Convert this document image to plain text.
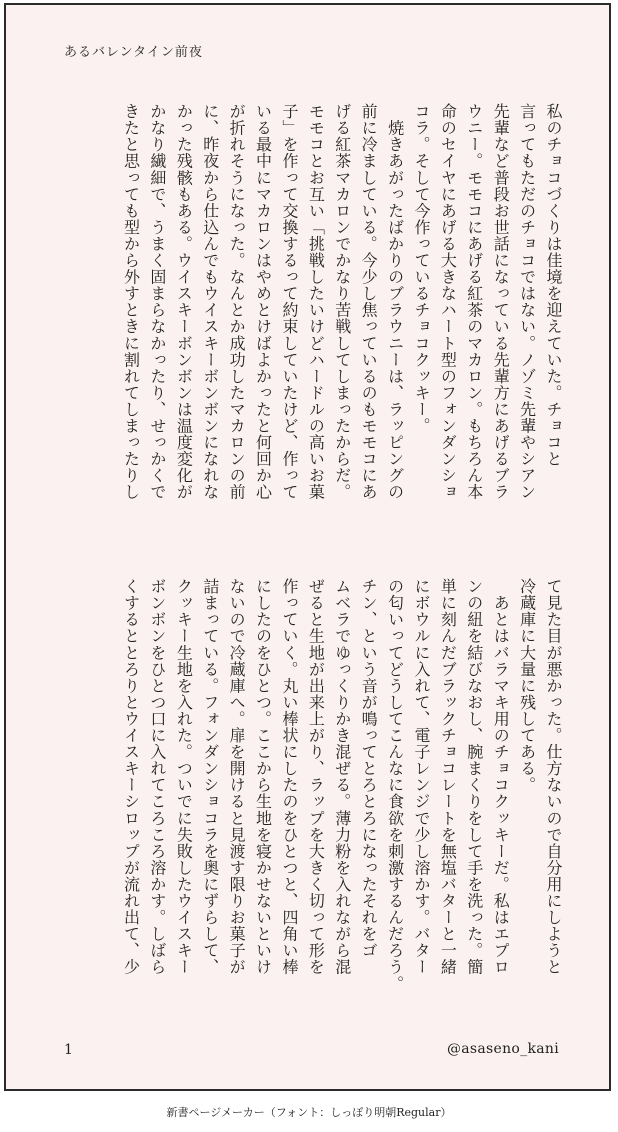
あるバレンタイン前夜
私のチョコづくりは佳境を迎えていた。チョコと
言ってもただのチョコではない。ノゾミ先輩やシアン
先輩など普段お世話になっている先輩方にあげるブラ
ウニー。モモコにあげる紅茶のマカロン。もちろん本
命のセイヤにあげる大きなハート型のフォンダンショ
コラ。そして今作っているチョコクッキー。
　焼きあがったばかりのブラウニーは、ラッピングの
前に冷ましている。今少し焦っているのもモモコにあ
げる紅茶マカロンでかなり苦戦してしまったからだ。
モモコとお互い「挑戦したいけどハードルの高いお菓
子」を作って交換するって約束していたけど、作って
いる最中にマカロンはやめとけばよかったと何回か心
が折れそうになった。なんとか成功したマカロンの前
に、昨夜から仕込んでもウイスキーボンボンになれな
かった残骸もある。ウイスキーボンボンは温度変化が
かなり繊細で、うまく固まらなかったり、せっかくで
きたと思っても型から外すときに割れてしまったりし
て見た目が悪かった。仕方ないので自分用にしようと
冷蔵庫に大量に残してある。
　あとはバラマキ用のチョコクッキーだ。私はエプロ
ンの紐を結びなおし、腕まくりをして手を洗った。簡
単に刻んだブラックチョコレートを無塩バターと一緒
にボウルに入れて、電子レンジで少し溶かす。バター
の匂いってどうしてこんなに食欲を刺激するんだろう。
チン、という音が鳴ってとろとろになったそれをゴ
ムベラでゆっくりかき混ぜる。薄力粉を入れながら混
ぜると生地が出来上がり、ラップを大きく切って形を
作っていく。丸い棒状にしたのをひとつと、四角い棒
にしたのをひとつ。ここから生地を寝かせないといけ
ないので冷蔵庫へ。扉を開けると見渡す限りお菓子が
詰まっている。フォンダンショコラを奥にずらして、
クッキー生地を入れた。ついでに失敗したウイスキー
ボンボンをひとつ口に入れてころころ溶かす。しばら
くするととろりとウイスキーシロップが流れ出て、少
1	@asaseno_kani
新書ページメーカー（フォント：しっぽり明朝Regular）
